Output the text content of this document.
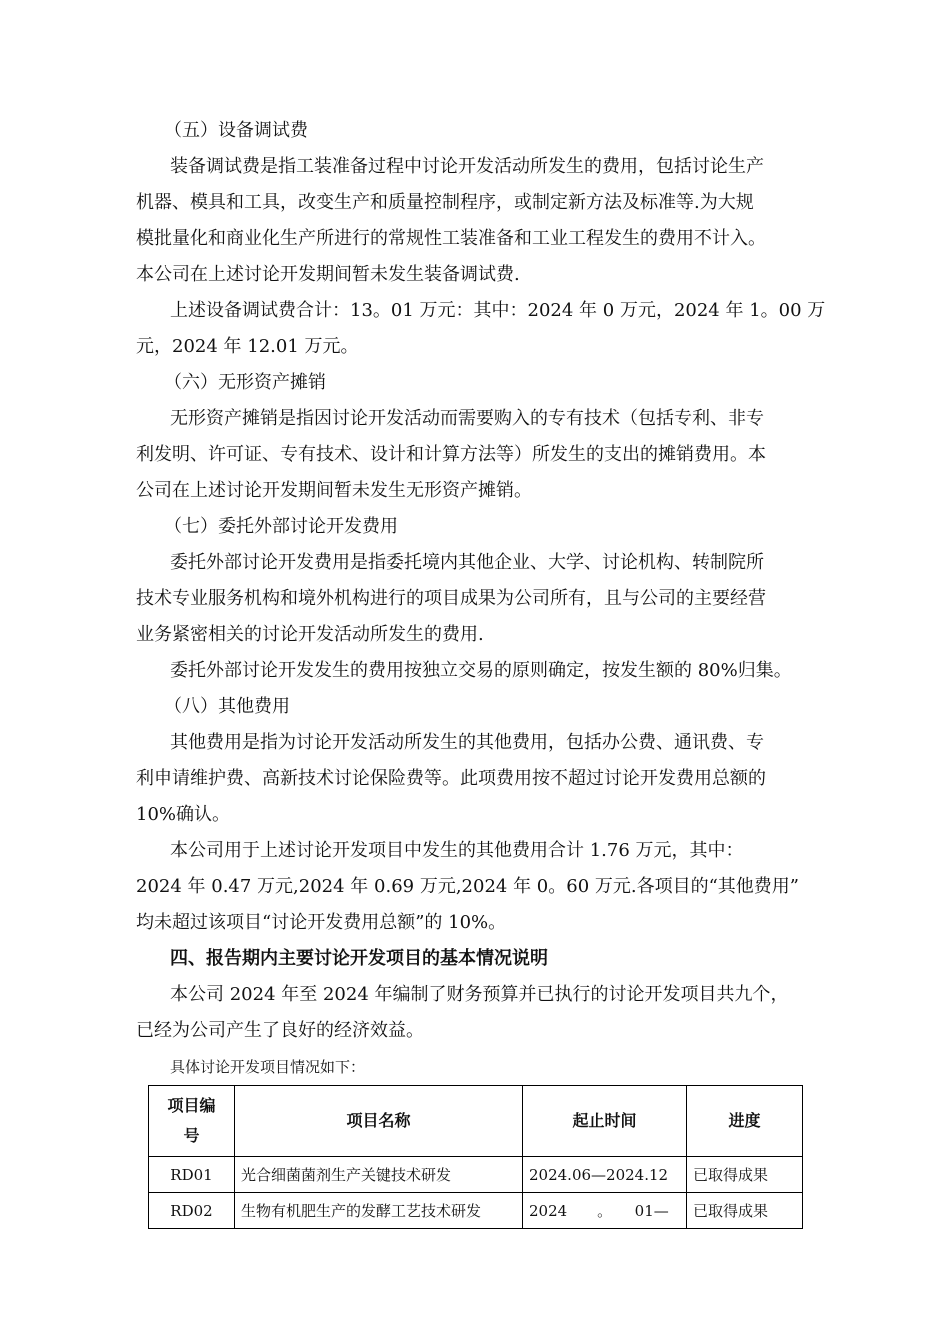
（五）设备调试费
装备调试费是指工装准备过程中讨论开发活动所发生的费用，包括讨论生产
机器、模具和工具，改变生产和质量控制程序，或制定新方法及标准等.为大规
模批量化和商业化生产所进行的常规性工装准备和工业工程发生的费用不计入。
本公司在上述讨论开发期间暂未发生装备调试费.
上述设备调试费合计：13。01 万元：其中：2024 年 0 万元，2024 年 1。00 万
元，2024 年 12.01 万元。
（六）无形资产摊销
无形资产摊销是指因讨论开发活动而需要购入的专有技术（包括专利、非专
利发明、许可证、专有技术、设计和计算方法等）所发生的支出的摊销费用。本
公司在上述讨论开发期间暂未发生无形资产摊销。
（七）委托外部讨论开发费用
委托外部讨论开发费用是指委托境内其他企业、大学、讨论机构、转制院所
技术专业服务机构和境外机构进行的项目成果为公司所有，且与公司的主要经营
业务紧密相关的讨论开发活动所发生的费用.
委托外部讨论开发发生的费用按独立交易的原则确定，按发生额的 80%归集。
（八）其他费用
其他费用是指为讨论开发活动所发生的其他费用，包括办公费、通讯费、专
利申请维护费、高新技术讨论保险费等。此项费用按不超过讨论开发费用总额的
10%确认。
本公司用于上述讨论开发项目中发生的其他费用合计 1.76 万元，其中：
2024 年 0.47 万元,2024 年 0.69 万元,2024 年 0。60 万元.各项目的“其他费用”
均未超过该项目“讨论开发费用总额”的 10%。
四、报告期内主要讨论开发项目的基本情况说明
本公司 2024 年至 2024 年编制了财务预算并已执行的讨论开发项目共九个，
已经为公司产生了良好的经济效益。
具体讨论开发项目情况如下：
项目编
号	项目名称	起止时间	进度
RD01	光合细菌菌剂生产关键技术研发	2024.06—2024.12	已取得成果
RD02	生物有机肥生产的发酵工艺技术研发	2024　　。　　01—	已取得成果
